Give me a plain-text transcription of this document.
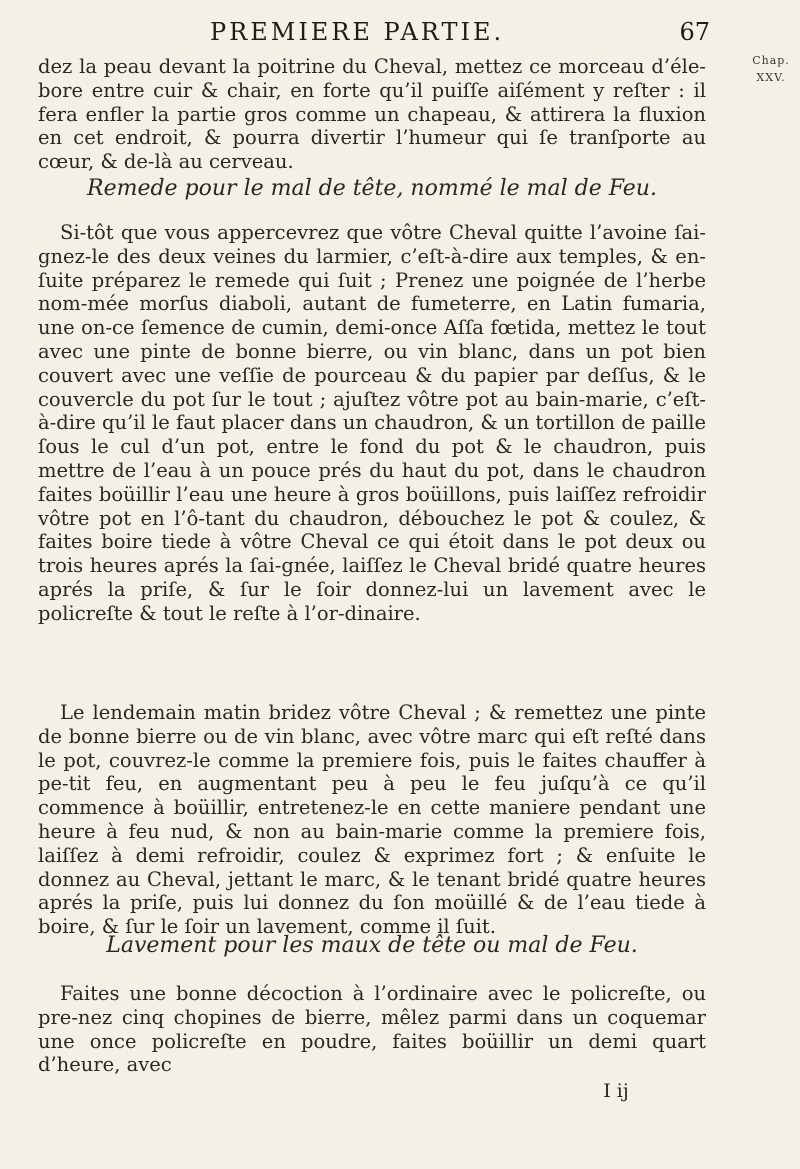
PREMIERE PARTIE.	67
Chap.
XXV.

dez la peau devant la poitrine du Cheval, mettez ce morceau d’éle-bore entre cuir & chair, en forte qu’il puiſſe aiſément y reſter : il fera enfler la partie gros comme un chapeau, & attirera la fluxion en cet endroit, & pourra divertir l’humeur qui ſe tranſporte au cœur, & de-là au cerveau.

Remede pour le mal de tête, nommé le mal de Feu.

Si-tôt que vous appercevrez que vôtre Cheval quitte l’avoine ſai-gnez-le des deux veines du larmier, c’eſt-à-dire aux temples, & en-ſuite préparez le remede qui ſuit ; Prenez une poignée de l’herbe nom-mée morſus diaboli, autant de fumeterre, en Latin fumaria, une on-ce ſemence de cumin, demi-once Aſſa fœtida, mettez le tout avec une pinte de bonne bierre, ou vin blanc, dans un pot bien couvert avec une veſſie de pourceau & du papier par deſſus, & le couvercle du pot ſur le tout ; ajuſtez vôtre pot au bain-marie, c’eſt-à-dire qu’il le faut placer dans un chaudron, & un tortillon de paille ſous le cul d’un pot, entre le fond du pot & le chaudron, puis mettre de l’eau à un pouce prés du haut du pot, dans le chaudron faites boüillir l’eau une heure à gros boüillons, puis laiſſez refroidir vôtre pot en l’ô-tant du chaudron, débouchez le pot & coulez, & faites boire tiede à vôtre Cheval ce qui étoit dans le pot deux ou trois heures aprés la ſai-gnée, laiſſez le Cheval bridé quatre heures aprés la priſe, & ſur le ſoir donnez-lui un lavement avec le policreſte & tout le reſte à l’or-dinaire.

Le lendemain matin bridez vôtre Cheval ; & remettez une pinte de bonne bierre ou de vin blanc, avec vôtre marc qui eſt reſté dans le pot, couvrez-le comme la premiere fois, puis le faites chauffer à pe-tit feu, en augmentant peu à peu le feu juſqu’à ce qu’il commence à boüillir, entretenez-le en cette maniere pendant une heure à feu nud, & non au bain-marie comme la premiere fois, laiſſez à demi refroidir, coulez & exprimez fort ; & enſuite le donnez au Cheval, jettant le marc, & le tenant bridé quatre heures aprés la priſe, puis lui donnez du ſon moüillé & de l’eau tiede à boire, & ſur le ſoir un lavement, comme il ſuit.

Lavement pour les maux de tête ou mal de Feu.

Faites une bonne décoction à l’ordinaire avec le policreſte, ou pre-nez cinq chopines de bierre, mêlez parmi dans un coquemar une once policreſte en poudre, faites boüillir un demi quart d’heure, avec

I ij
